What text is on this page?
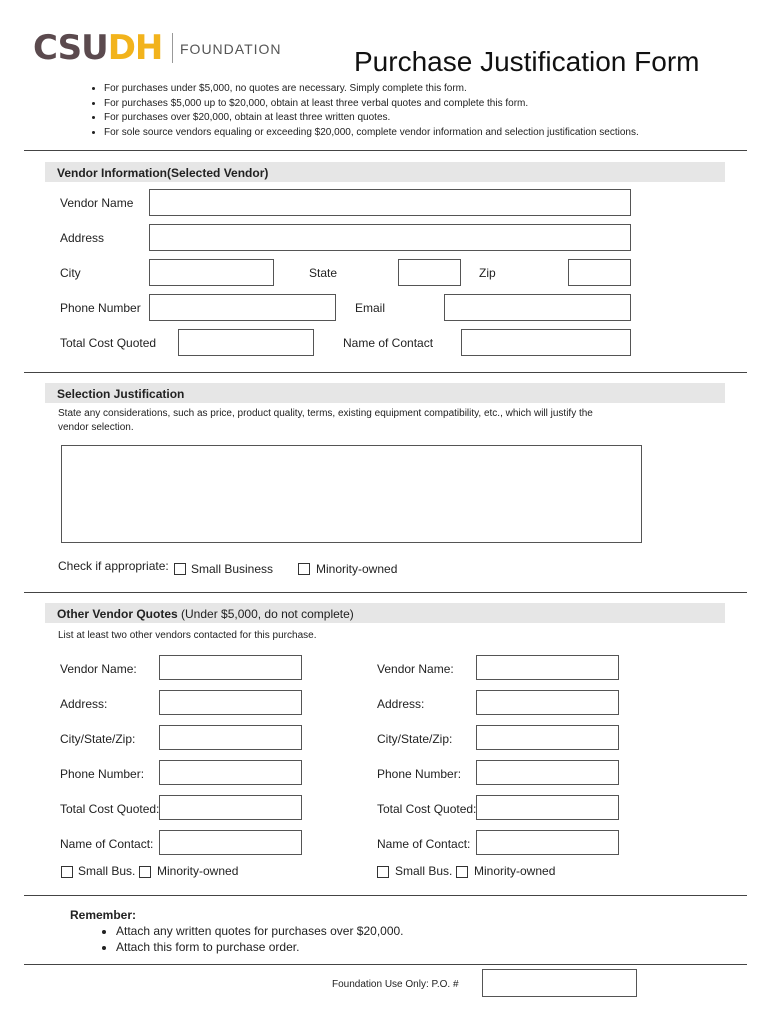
CSUDH FOUNDATION	Purchase Justification Form
• For purchases under $5,000, no quotes are necessary. Simply complete this form.
• For purchases $5,000 up to $20,000, obtain at least three verbal quotes and complete this form.
• For purchases over $20,000, obtain at least three written quotes.
• For sole source vendors equaling or exceeding $20,000, complete vendor information and selection justification sections.
Vendor Information(Selected Vendor)
Vendor Name
Address
City	State	Zip
Phone Number	Email
Total Cost Quoted	Name of Contact
Selection Justification
State any considerations, such as price, product quality, terms, existing equipment compatibility, etc., which will justify the
vendor selection.
Check if appropriate: Small Business	Minority-owned
Other Vendor Quotes (Under $5,000, do not complete)
List at least two other vendors contacted for this purchase.
Vendor Name:
Address:
City/State/Zip:
Phone Number:
Total Cost Quoted:
Name of Contact:
Small Bus. Minority-owned
Vendor Name:
Address:
City/State/Zip:
Phone Number:
Total Cost Quoted:
Name of Contact:
Small Bus. Minority-owned
Remember:
• Attach any written quotes for purchases over $20,000.
• Attach this form to purchase order.
Foundation Use Only: P.O. #
